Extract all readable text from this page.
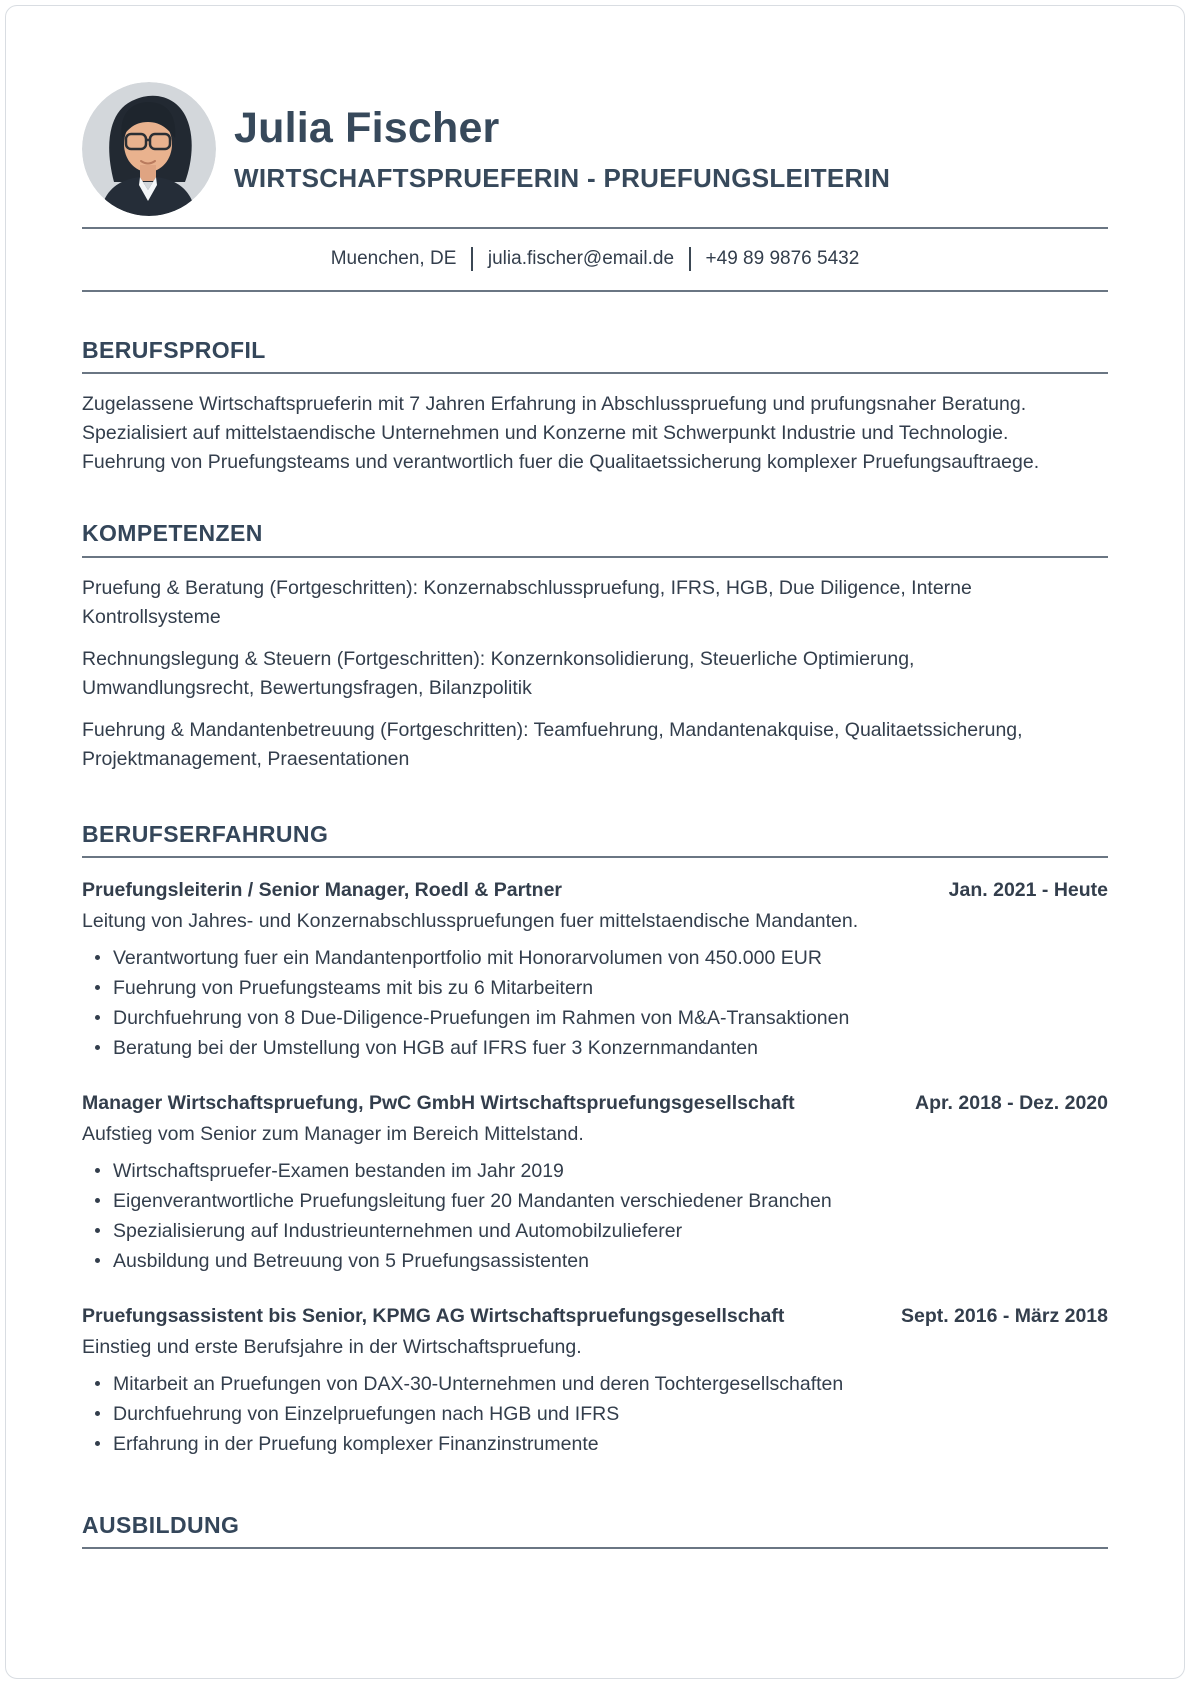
Julia Fischer
WIRTSCHAFTSPRUEFERIN - PRUEFUNGSLEITERIN
Muenchen, DE julia.fischer@email.de +49 89 9876 5432
BERUFSPROFIL
Zugelassene Wirtschaftsprueferin mit 7 Jahren Erfahrung in Abschlusspruefung und prufungsnaher Beratung. Spezialisiert auf mittelstaendische Unternehmen und Konzerne mit Schwerpunkt Industrie und Technologie. Fuehrung von Pruefungsteams und verantwortlich fuer die Qualitaetssicherung komplexer Pruefungsauftraege.
KOMPETENZEN
Pruefung & Beratung (Fortgeschritten): Konzernabschlusspruefung, IFRS, HGB, Due Diligence, Interne Kontrollsysteme
Rechnungslegung & Steuern (Fortgeschritten): Konzernkonsolidierung, Steuerliche Optimierung, Umwandlungsrecht, Bewertungsfragen, Bilanzpolitik
Fuehrung & Mandantenbetreuung (Fortgeschritten): Teamfuehrung, Mandantenakquise, Qualitaetssicherung, Projektmanagement, Praesentationen
BERUFSERFAHRUNG
Pruefungsleiterin / Senior Manager, Roedl & Partner	Jan. 2021 - Heute
Leitung von Jahres- und Konzernabschlusspruefungen fuer mittelstaendische Mandanten.
Verantwortung fuer ein Mandantenportfolio mit Honorarvolumen von 450.000 EUR
Fuehrung von Pruefungsteams mit bis zu 6 Mitarbeitern
Durchfuehrung von 8 Due-Diligence-Pruefungen im Rahmen von M&A-Transaktionen
Beratung bei der Umstellung von HGB auf IFRS fuer 3 Konzernmandanten
Manager Wirtschaftspruefung, PwC GmbH Wirtschaftspruefungsgesellschaft	Apr. 2018 - Dez. 2020
Aufstieg vom Senior zum Manager im Bereich Mittelstand.
Wirtschaftspruefer-Examen bestanden im Jahr 2019
Eigenverantwortliche Pruefungsleitung fuer 20 Mandanten verschiedener Branchen
Spezialisierung auf Industrieunternehmen und Automobilzulieferer
Ausbildung und Betreuung von 5 Pruefungsassistenten
Pruefungsassistent bis Senior, KPMG AG Wirtschaftspruefungsgesellschaft	Sept. 2016 - März 2018
Einstieg und erste Berufsjahre in der Wirtschaftspruefung.
Mitarbeit an Pruefungen von DAX-30-Unternehmen und deren Tochtergesellschaften
Durchfuehrung von Einzelpruefungen nach HGB und IFRS
Erfahrung in der Pruefung komplexer Finanzinstrumente
AUSBILDUNG
